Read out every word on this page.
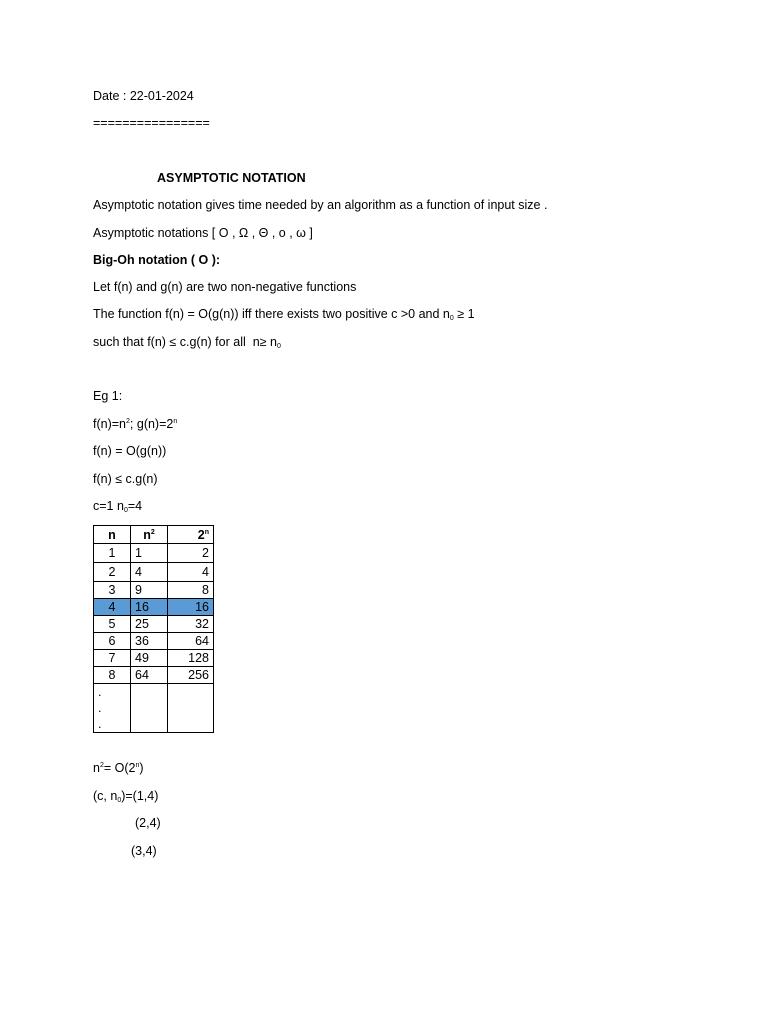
Date : 22-01-2024
================
ASYMPTOTIC NOTATION
Asymptotic notation gives time needed by an algorithm as a function of input size .
Asymptotic notations [ O , Ω , Θ , o , ω ]
Big-Oh notation ( O ):
Let f(n) and g(n) are two non-negative functions
The function f(n) = O(g(n)) iff there exists two positive c >0 and $n_0 \ge 1$
such that f(n) ≤ c.g(n) for all  $n\ge n_0$
Eg 1:
$f(n)=n^2$; $g(n)=2^n$
f(n) = O(g(n))
f(n) ≤ c.g(n)
c=1 $n_0=4$
n	$n^2$	2$^n$
1	1	2
2	4	4
3	9	8
4	16	16
5	25	32
6	36	64
7	49	128
8	64	256

.
.
.		

$n^2= O(2^n)$
(c, $n_0)=(1,4)$
(2,4)
(3,4)
